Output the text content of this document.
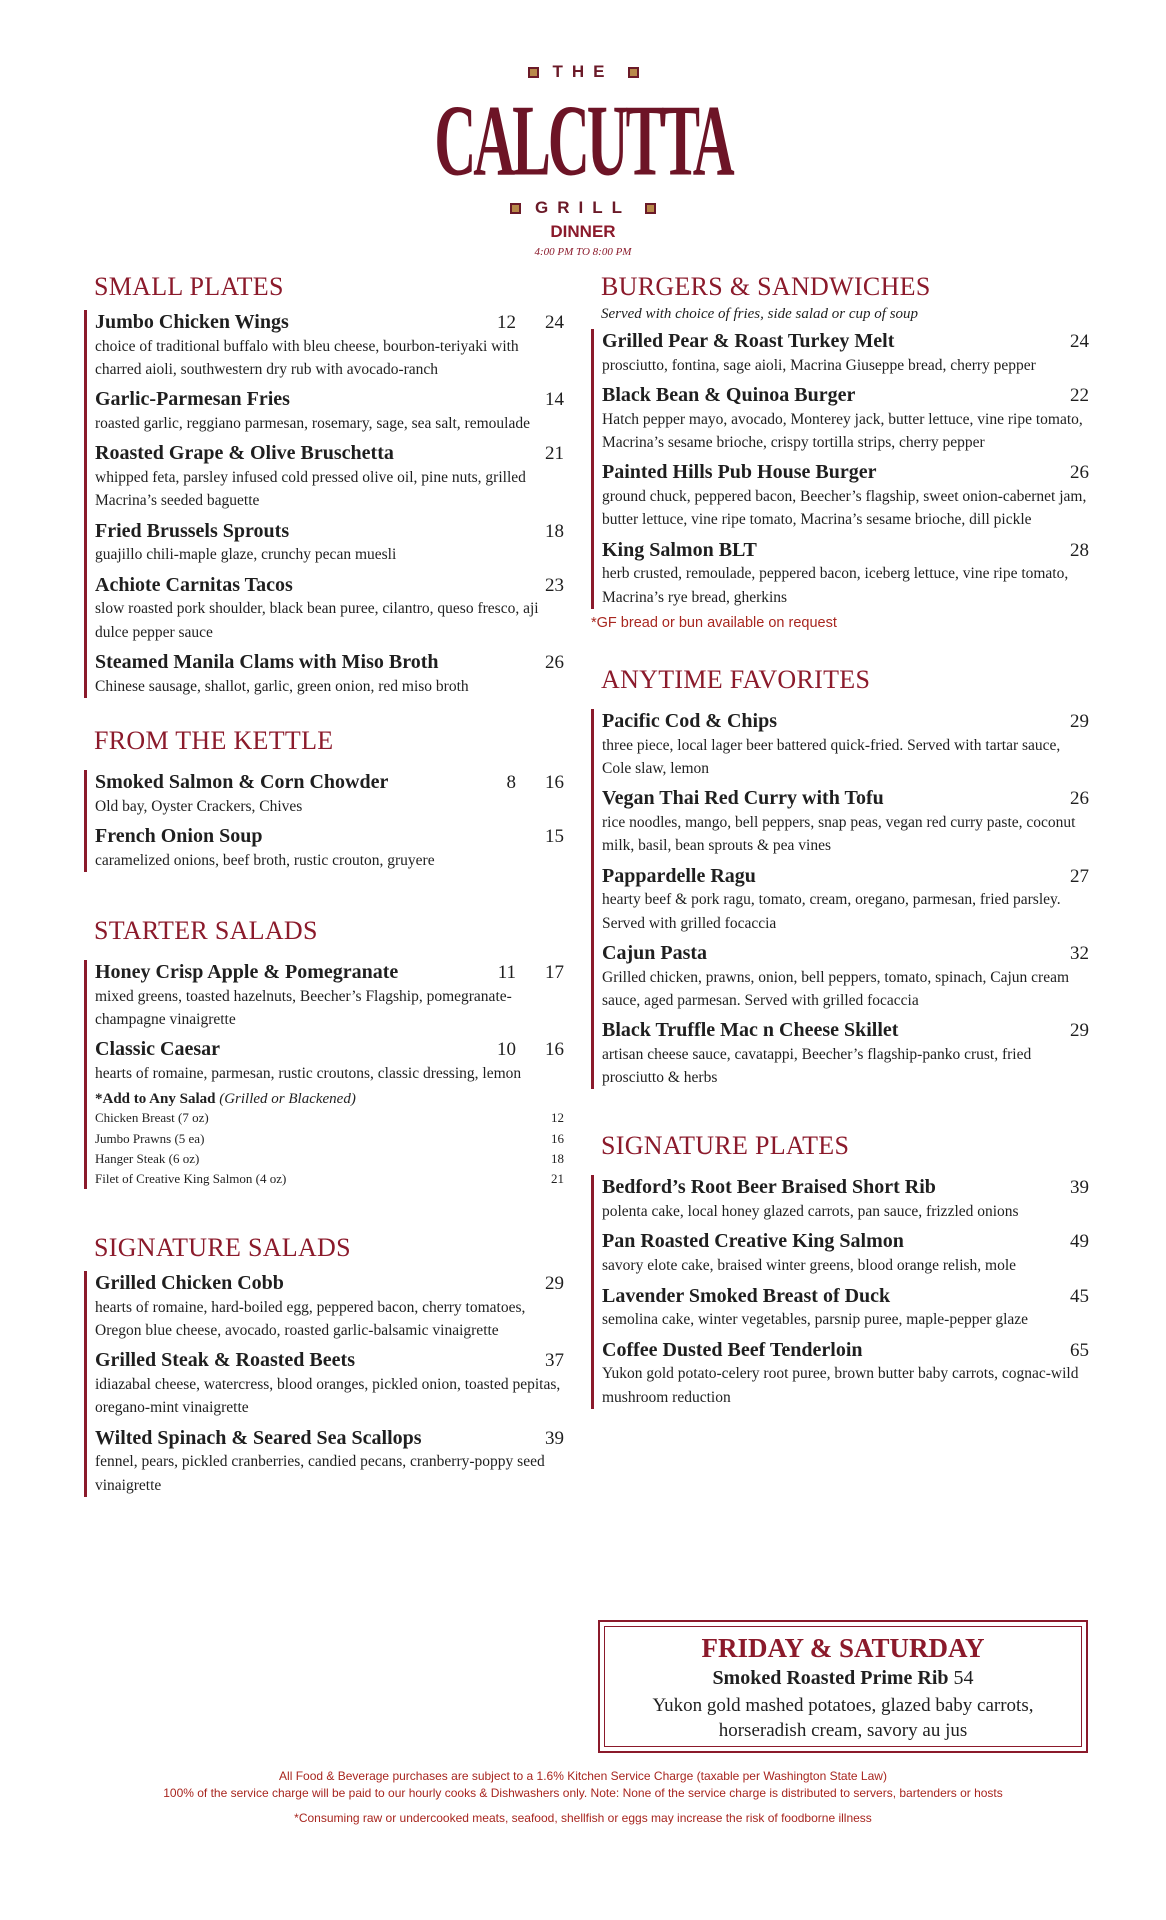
THE
CALCUTTA
GRILL
DINNER
4:00 PM TO 8:00 PM
SMALL PLATES
Jumbo Chicken Wings	12	24
choice of traditional buffalo with bleu cheese, bourbon-teriyaki with charred aioli, southwestern dry rub with avocado-ranch
Garlic-Parmesan Fries	14
roasted garlic, reggiano parmesan, rosemary, sage, sea salt, remoulade
Roasted Grape & Olive Bruschetta	21
whipped feta, parsley infused cold pressed olive oil, pine nuts, grilled Macrina’s seeded baguette
Fried Brussels Sprouts	18
guajillo chili-maple glaze, crunchy pecan muesli
Achiote Carnitas Tacos	23
slow roasted pork shoulder, black bean puree, cilantro, queso fresco, aji dulce pepper sauce
Steamed Manila Clams with Miso Broth	26
Chinese sausage, shallot, garlic, green onion, red miso broth
FROM THE KETTLE
Smoked Salmon & Corn Chowder	8	16
Old bay, Oyster Crackers, Chives
French Onion Soup	15
caramelized onions, beef broth, rustic crouton, gruyere
STARTER SALADS
Honey Crisp Apple & Pomegranate	11	17
mixed greens, toasted hazelnuts, Beecher’s Flagship, pomegranate-champagne vinaigrette
Classic Caesar	10	16
hearts of romaine, parmesan, rustic croutons, classic dressing, lemon
*Add to Any Salad (Grilled or Blackened)
Chicken Breast (7 oz)	12
Jumbo Prawns (5 ea)	16
Hanger Steak (6 oz)	18
Filet of Creative King Salmon (4 oz)	21
SIGNATURE SALADS
Grilled Chicken Cobb	29
hearts of romaine, hard-boiled egg, peppered bacon, cherry tomatoes, Oregon blue cheese, avocado, roasted garlic-balsamic vinaigrette
Grilled Steak & Roasted Beets	37
idiazabal cheese, watercress, blood oranges, pickled onion, toasted pepitas, oregano-mint vinaigrette
Wilted Spinach & Seared Sea Scallops	39
fennel, pears, pickled cranberries, candied pecans, cranberry-poppy seed vinaigrette
BURGERS & SANDWICHES
Served with choice of fries, side salad or cup of soup
Grilled Pear & Roast Turkey Melt	24
prosciutto, fontina, sage aioli, Macrina Giuseppe bread, cherry pepper
Black Bean & Quinoa Burger	22
Hatch pepper mayo, avocado, Monterey jack, butter lettuce, vine ripe tomato, Macrina’s sesame brioche, crispy tortilla strips, cherry pepper
Painted Hills Pub House Burger	26
ground chuck, peppered bacon, Beecher’s flagship, sweet onion-cabernet jam, butter lettuce, vine ripe tomato, Macrina’s sesame brioche, dill pickle
King Salmon BLT	28
herb crusted, remoulade, peppered bacon, iceberg lettuce, vine ripe tomato, Macrina’s rye bread, gherkins
*GF bread or bun available on request
ANYTIME FAVORITES
Pacific Cod & Chips	29
three piece, local lager beer battered quick-fried. Served with tartar sauce, Cole slaw, lemon
Vegan Thai Red Curry with Tofu	26
rice noodles, mango, bell peppers, snap peas, vegan red curry paste, coconut milk, basil, bean sprouts & pea vines
Pappardelle Ragu	27
hearty beef & pork ragu, tomato, cream, oregano, parmesan, fried parsley. Served with grilled focaccia
Cajun Pasta	32
Grilled chicken, prawns, onion, bell peppers, tomato, spinach, Cajun cream sauce, aged parmesan. Served with grilled focaccia
Black Truffle Mac n Cheese Skillet	29
artisan cheese sauce, cavatappi, Beecher’s flagship-panko crust, fried prosciutto & herbs
SIGNATURE PLATES
Bedford’s Root Beer Braised Short Rib	39
polenta cake, local honey glazed carrots, pan sauce, frizzled onions
Pan Roasted Creative King Salmon	49
savory elote cake, braised winter greens, blood orange relish, mole
Lavender Smoked Breast of Duck	45
semolina cake, winter vegetables, parsnip puree, maple-pepper glaze
Coffee Dusted Beef Tenderloin	65
Yukon gold potato-celery root puree, brown butter baby carrots, cognac-wild mushroom reduction
FRIDAY & SATURDAY
Smoked Roasted Prime Rib 54
Yukon gold mashed potatoes, glazed baby carrots,
horseradish cream, savory au jus
All Food & Beverage purchases are subject to a 1.6% Kitchen Service Charge (taxable per Washington State Law)
100% of the service charge will be paid to our hourly cooks & Dishwashers only. Note: None of the service charge is distributed to servers, bartenders or hosts
*Consuming raw or undercooked meats, seafood, shellfish or eggs may increase the risk of foodborne illness
